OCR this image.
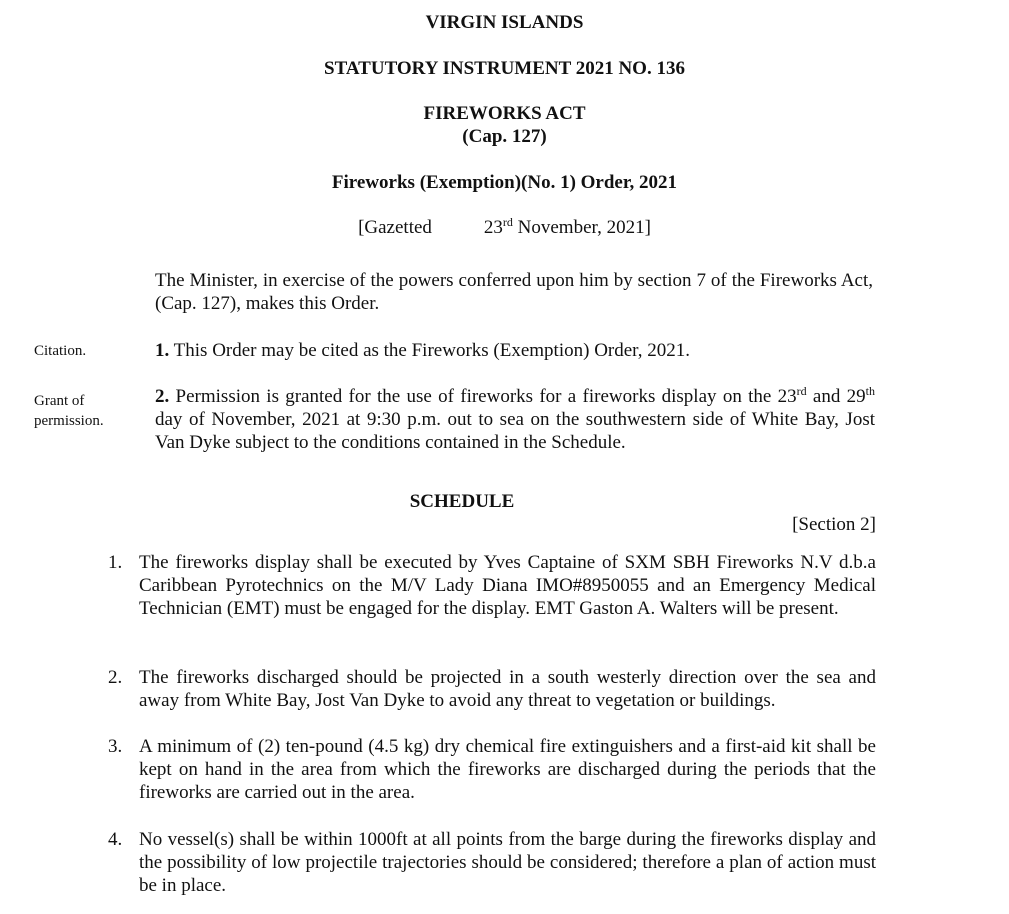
VIRGIN ISLANDS
STATUTORY INSTRUMENT 2021 NO. 136
FIREWORKS ACT
(Cap. 127)
Fireworks (Exemption)(No. 1) Order, 2021
[Gazetted	23rd November, 2021]
The Minister, in exercise of the powers conferred upon him by section 7 of the Fireworks Act, (Cap. 127), makes this Order.
Citation.	1. This Order may be cited as the Fireworks (Exemption) Order, 2021.
Grant of
permission.
2. Permission is granted for the use of fireworks for a fireworks display on the 23rd and 29th day of November, 2021 at 9:30 p.m. out to sea on the southwestern side of White Bay, Jost Van Dyke subject to the conditions contained in the Schedule.
SCHEDULE
[Section 2]
1. The fireworks display shall be executed by Yves Captaine of SXM SBH Fireworks N.V d.b.a Caribbean Pyrotechnics on the M/V Lady Diana IMO#8950055 and an Emergency Medical Technician (EMT) must be engaged for the display. EMT Gaston A. Walters will be present.
2. The fireworks discharged should be projected in a south westerly direction over the sea and away from White Bay, Jost Van Dyke to avoid any threat to vegetation or buildings.
3. A minimum of (2) ten-pound (4.5 kg) dry chemical fire extinguishers and a first-aid kit shall be kept on hand in the area from which the fireworks are discharged during the periods that the fireworks are carried out in the area.
4. No vessel(s) shall be within 1000ft at all points from the barge during the fireworks display and the possibility of low projectile trajectories should be considered; therefore a plan of action must be in place.
